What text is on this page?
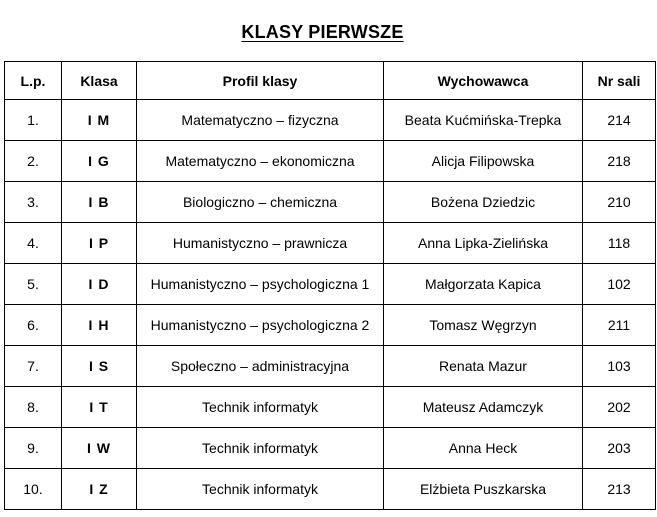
KLASY PIERWSZE
L.p.	Klasa	Profil klasy	Wychowawca	Nr sali
1.	I M	Matematyczno – fizyczna	Beata Kućmińska-Trepka	214
2.	I G	Matematyczno – ekonomiczna	Alicja Filipowska	218
3.	I B	Biologiczno – chemiczna	Bożena Dziedzic	210
4.	I P	Humanistyczno – prawnicza	Anna Lipka-Zielińska	118
5.	I D	Humanistyczno – psychologiczna 1	Małgorzata Kapica	102
6.	I H	Humanistyczno – psychologiczna 2	Tomasz Węgrzyn	211
7.	I S	Społeczno – administracyjna	Renata Mazur	103
8.	I T	Technik informatyk	Mateusz Adamczyk	202
9.	I W	Technik informatyk	Anna Heck	203
10.	I Z	Technik informatyk	Elżbieta Puszkarska	213
